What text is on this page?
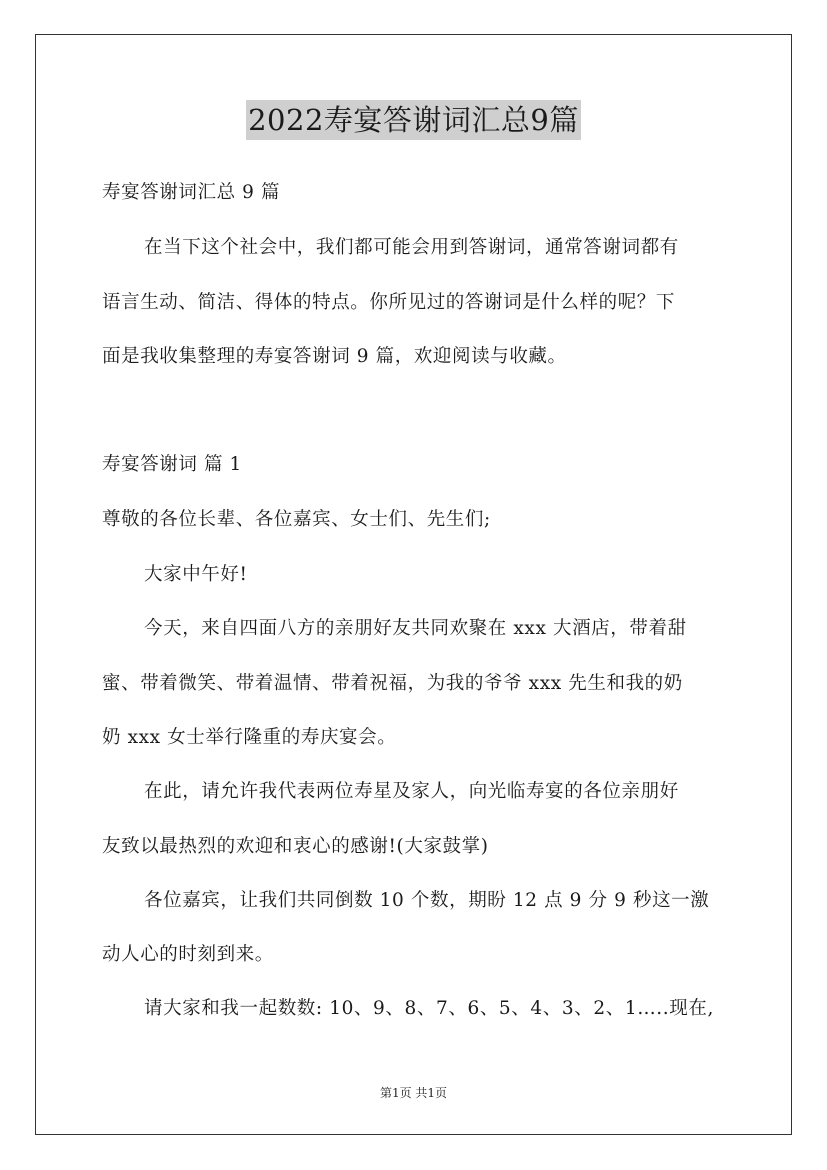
2022寿宴答谢词汇总9篇
寿宴答谢词汇总 9 篇
在当下这个社会中，我们都可能会用到答谢词，通常答谢词都有
语言生动、简洁、得体的特点。你所见过的答谢词是什么样的呢？下
面是我收集整理的寿宴答谢词 9 篇，欢迎阅读与收藏。
寿宴答谢词 篇 1
尊敬的各位长辈、各位嘉宾、女士们、先生们;
大家中午好!
今天，来自四面八方的亲朋好友共同欢聚在 xxx 大酒店，带着甜
蜜、带着微笑、带着温情、带着祝福，为我的爷爷 xxx 先生和我的奶
奶 xxx 女士举行隆重的寿庆宴会。
在此，请允许我代表两位寿星及家人，向光临寿宴的各位亲朋好
友致以最热烈的欢迎和衷心的感谢!(大家鼓掌)
各位嘉宾，让我们共同倒数 10 个数，期盼 12 点 9 分 9 秒这一激
动人心的时刻到来。
请大家和我一起数数: 10、9、8、7、6、5、4、3、2、1…..现在,
第1页 共1页
